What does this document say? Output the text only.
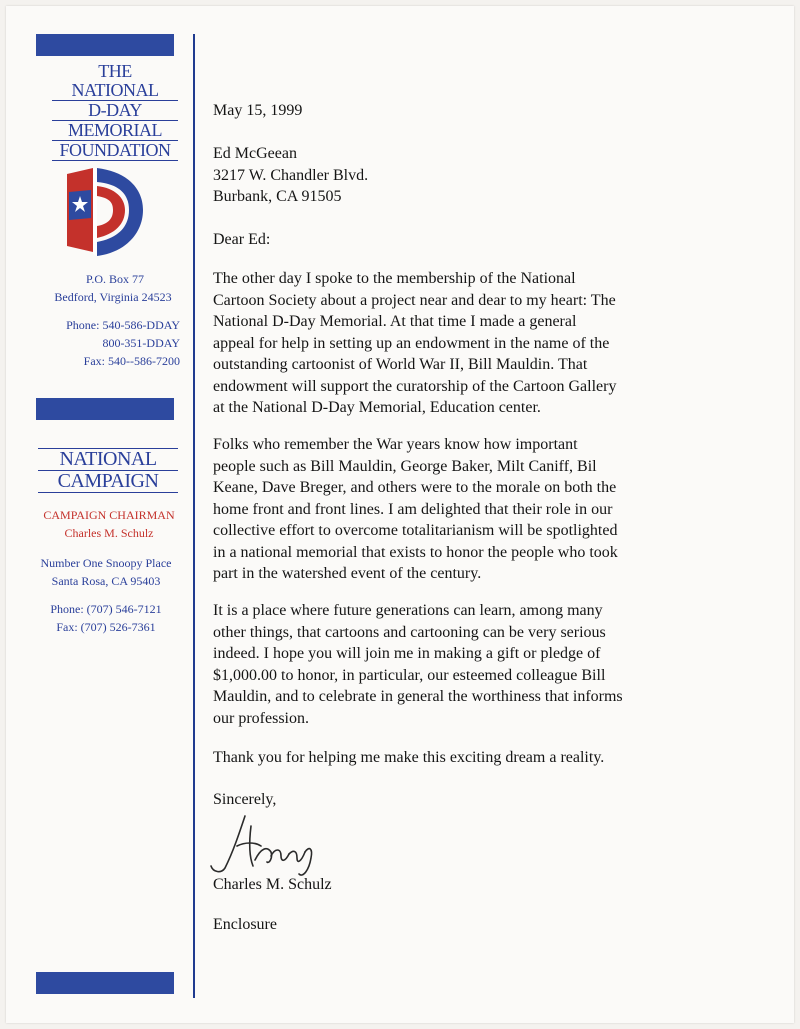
THE
NATIONAL
D-DAY
MEMORIAL
FOUNDATION
P.O. Box 77
Bedford, Virginia 24523
Phone: 540-586-DDAY
800-351-DDAY
Fax: 540--586-7200
NATIONAL
CAMPAIGN
CAMPAIGN CHAIRMAN
Charles M. Schulz
Number One Snoopy Place
Santa Rosa, CA 95403
Phone: (707) 546-7121
Fax: (707) 526-7361
May 15, 1999

Ed McGeean

3217 W. Chandler Blvd.

Burbank, CA 91505

Dear Ed:

The other day I spoke to the membership of the National

Cartoon Society about a project near and dear to my heart: The

National D-Day Memorial. At that time I made a general

appeal for help in setting up an endowment in the name of the

outstanding cartoonist of World War II, Bill Mauldin. That

endowment will support the curatorship of the Cartoon Gallery

at the National D-Day Memorial, Education center.

Folks who remember the War years know how important

people such as Bill Mauldin, George Baker, Milt Caniff, Bil

Keane, Dave Breger, and others were to the morale on both the

home front and front lines. I am delighted that their role in our

collective effort to overcome totalitarianism will be spotlighted

in a national memorial that exists to honor the people who took

part in the watershed event of the century.

It is a place where future generations can learn, among many

other things, that cartoons and cartooning can be very serious

indeed. I hope you will join me in making a gift or pledge of

$1,000.00 to honor, in particular, our esteemed colleague Bill

Mauldin, and to celebrate in general the worthiness that informs

our profession.

Thank you for helping me make this exciting dream a reality.
Sincerely,
Charles M. Schulz
Enclosure
